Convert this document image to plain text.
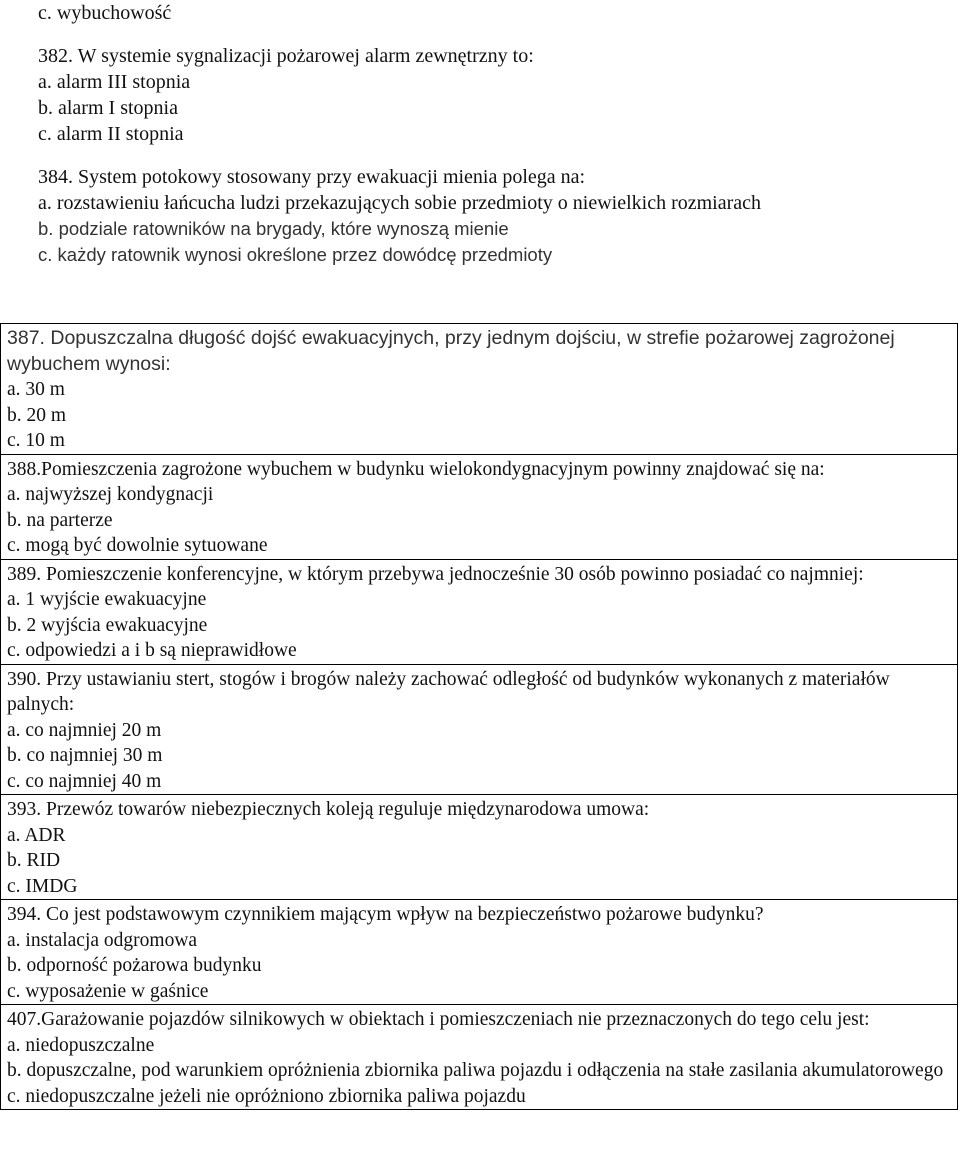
c. wybuchowość
382. W systemie sygnalizacji pożarowej alarm zewnętrzny to:
a. alarm III stopnia
b. alarm I stopnia
c. alarm II stopnia
384. System potokowy stosowany przy ewakuacji mienia polega na:
a. rozstawieniu łańcucha ludzi przekazujących sobie przedmioty o niewielkich rozmiarach
b. podziale ratowników na brygady, które wynoszą mienie
c. każdy ratownik wynosi określone przez dowódcę przedmioty
387. Dopuszczalna długość dojść ewakuacyjnych, przy jednym dojściu, w strefie pożarowej zagrożonej wybuchem wynosi:
a. 30 m
b. 20 m
c. 10 m
388.Pomieszczenia zagrożone wybuchem w budynku wielokondygnacyjnym powinny znajdować się na:
a. najwyższej kondygnacji
b. na parterze
c. mogą być dowolnie sytuowane
389. Pomieszczenie konferencyjne, w którym przebywa jednocześnie 30 osób powinno posiadać co najmniej:
a. 1 wyjście ewakuacyjne
b. 2 wyjścia ewakuacyjne
c. odpowiedzi a i b są nieprawidłowe
390. Przy ustawianiu stert, stogów i brogów należy zachować odległość od budynków wykonanych z materiałów palnych:
a. co najmniej 20 m
b. co najmniej 30 m
c. co najmniej 40 m
393. Przewóz towarów niebezpiecznych koleją reguluje międzynarodowa umowa:
a. ADR
b. RID
c. IMDG
394. Co jest podstawowym czynnikiem mającym wpływ na bezpieczeństwo pożarowe budynku?
a. instalacja odgromowa
b. odporność pożarowa budynku
c. wyposażenie w gaśnice
407.Garażowanie pojazdów silnikowych w obiektach i pomieszczeniach nie przeznaczonych do tego celu jest:
a. niedopuszczalne
b. dopuszczalne, pod warunkiem opróżnienia zbiornika paliwa pojazdu i odłączenia na stałe zasilania akumulatorowego
c. niedopuszczalne jeżeli nie opróżniono zbiornika paliwa pojazdu
